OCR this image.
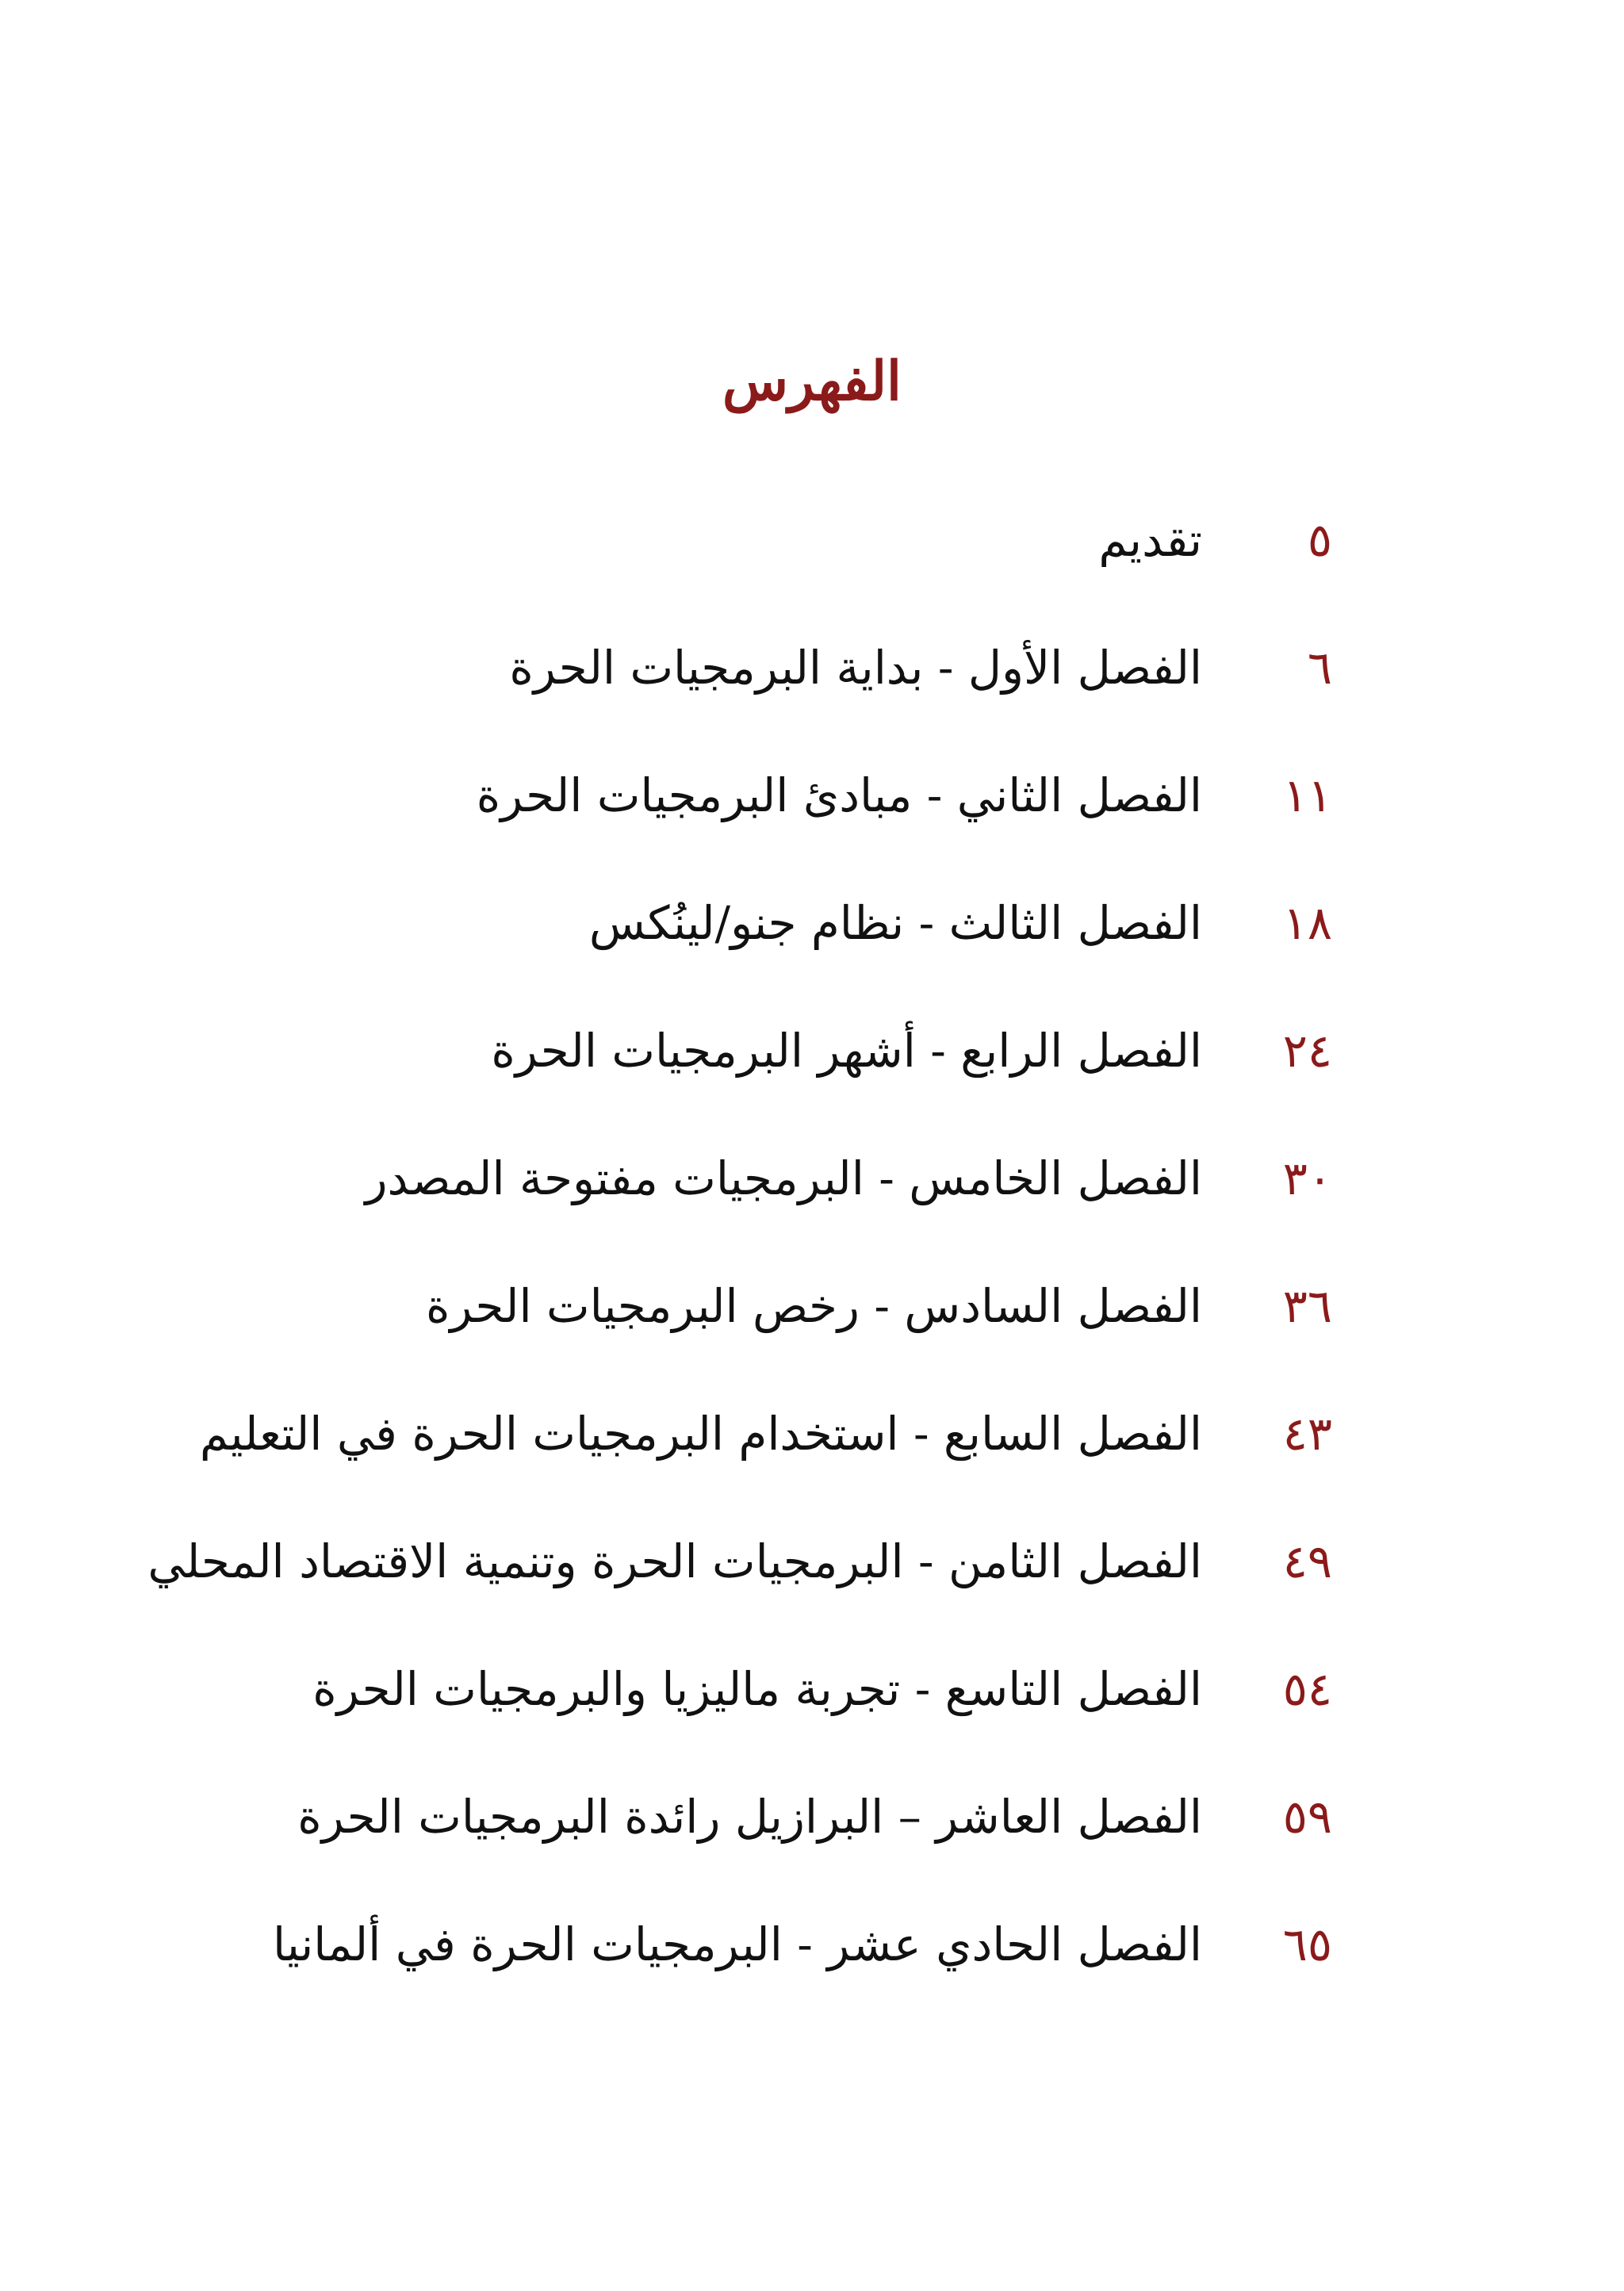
الفهرس
٥
تقديم
٦
الفصل الأول - بداية البرمجيات الحرة
١١
الفصل الثاني - مبادئ البرمجيات الحرة
١٨
الفصل الثالث - نظام جنو/لينُكس
٢٤
الفصل الرابع - أشهر البرمجيات الحرة
٣٠
الفصل الخامس - البرمجيات مفتوحة المصدر
٣٦
الفصل السادس - رخص البرمجيات الحرة
٤٣
الفصل السابع - استخدام البرمجيات الحرة في التعليم
٤٩
الفصل الثامن - البرمجيات الحرة وتنمية الاقتصاد المحلي
٥٤
الفصل التاسع - تجربة ماليزيا والبرمجيات الحرة
٥٩
الفصل العاشر – البرازيل رائدة البرمجيات الحرة
٦٥
الفصل الحادي عشر - البرمجيات الحرة في ألمانيا
